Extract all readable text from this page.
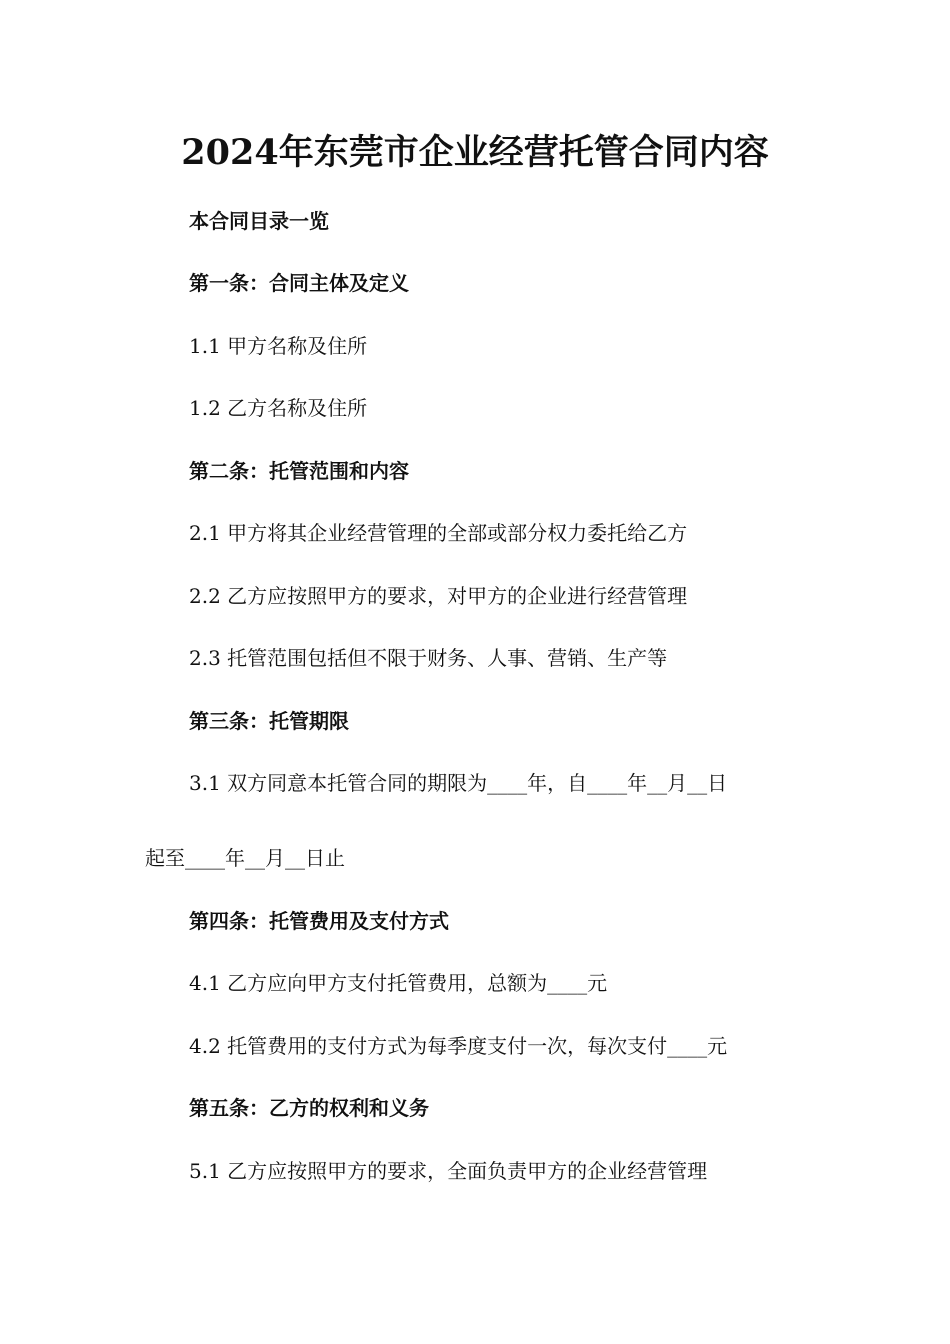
2024年东莞市企业经营托管合同内容
本合同目录一览
第一条：合同主体及定义
1.1 甲方名称及住所
1.2 乙方名称及住所
第二条：托管范围和内容
2.1 甲方将其企业经营管理的全部或部分权力委托给乙方
2.2 乙方应按照甲方的要求，对甲方的企业进行经营管理
2.3 托管范围包括但不限于财务、人事、营销、生产等
第三条：托管期限
3.1 双方同意本托管合同的期限为____年，自____年__月__日
起至____年__月__日止
第四条：托管费用及支付方式
4.1 乙方应向甲方支付托管费用，总额为____元
4.2 托管费用的支付方式为每季度支付一次，每次支付____元
第五条：乙方的权利和义务
5.1 乙方应按照甲方的要求，全面负责甲方的企业经营管理
